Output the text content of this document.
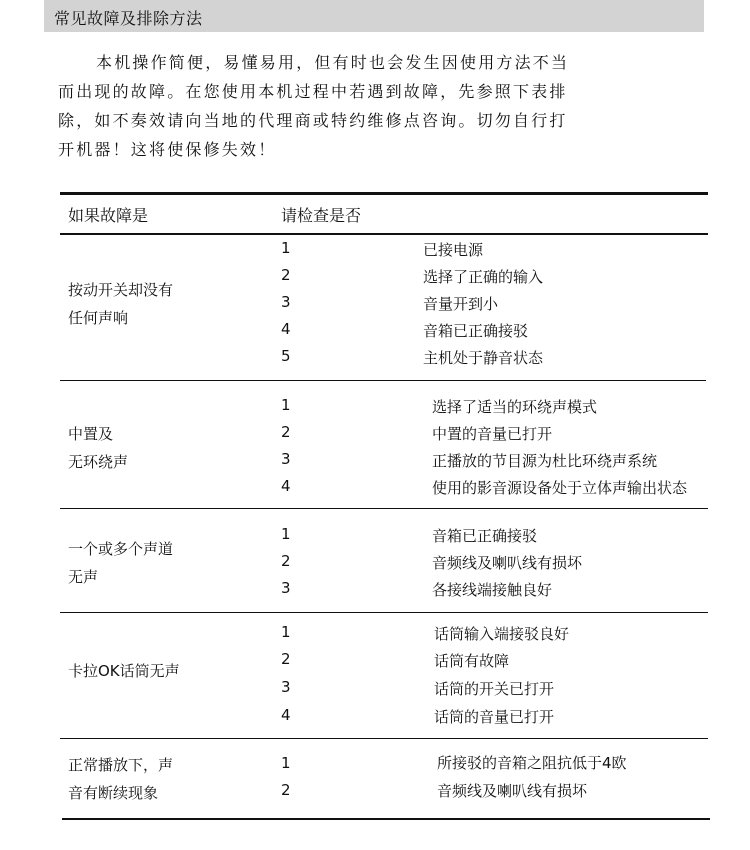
常见故障及排除方法
本机操作简便，易懂易用，但有时也会发生因使用方法不当
而出现的故障。在您使用本机过程中若遇到故障，先参照下表排
除，如不奏效请向当地的代理商或特约维修点咨询。切勿自行打
开机器！这将使保修失效！
如果故障是	请检查是否
按动开关却没有
任何声响
1	已接电源
2	选择了正确的输入
3	音量开到小
4	音箱已正确接驳
5	主机处于静音状态
中置及
无环绕声
1	选择了适当的环绕声模式
2	中置的音量已打开
3	正播放的节目源为杜比环绕声系统
4	使用的影音源设备处于立体声输出状态
一个或多个声道
无声
1	音箱已正确接驳
2	音频线及喇叭线有损坏
3	各接线端接触良好
卡拉OK话筒无声
1	话筒输入端接驳良好
2	话筒有故障
3	话筒的开关已打开
4	话筒的音量已打开
正常播放下，声
音有断续现象
1	所接驳的音箱之阻抗低于4欧
2	音频线及喇叭线有损坏
